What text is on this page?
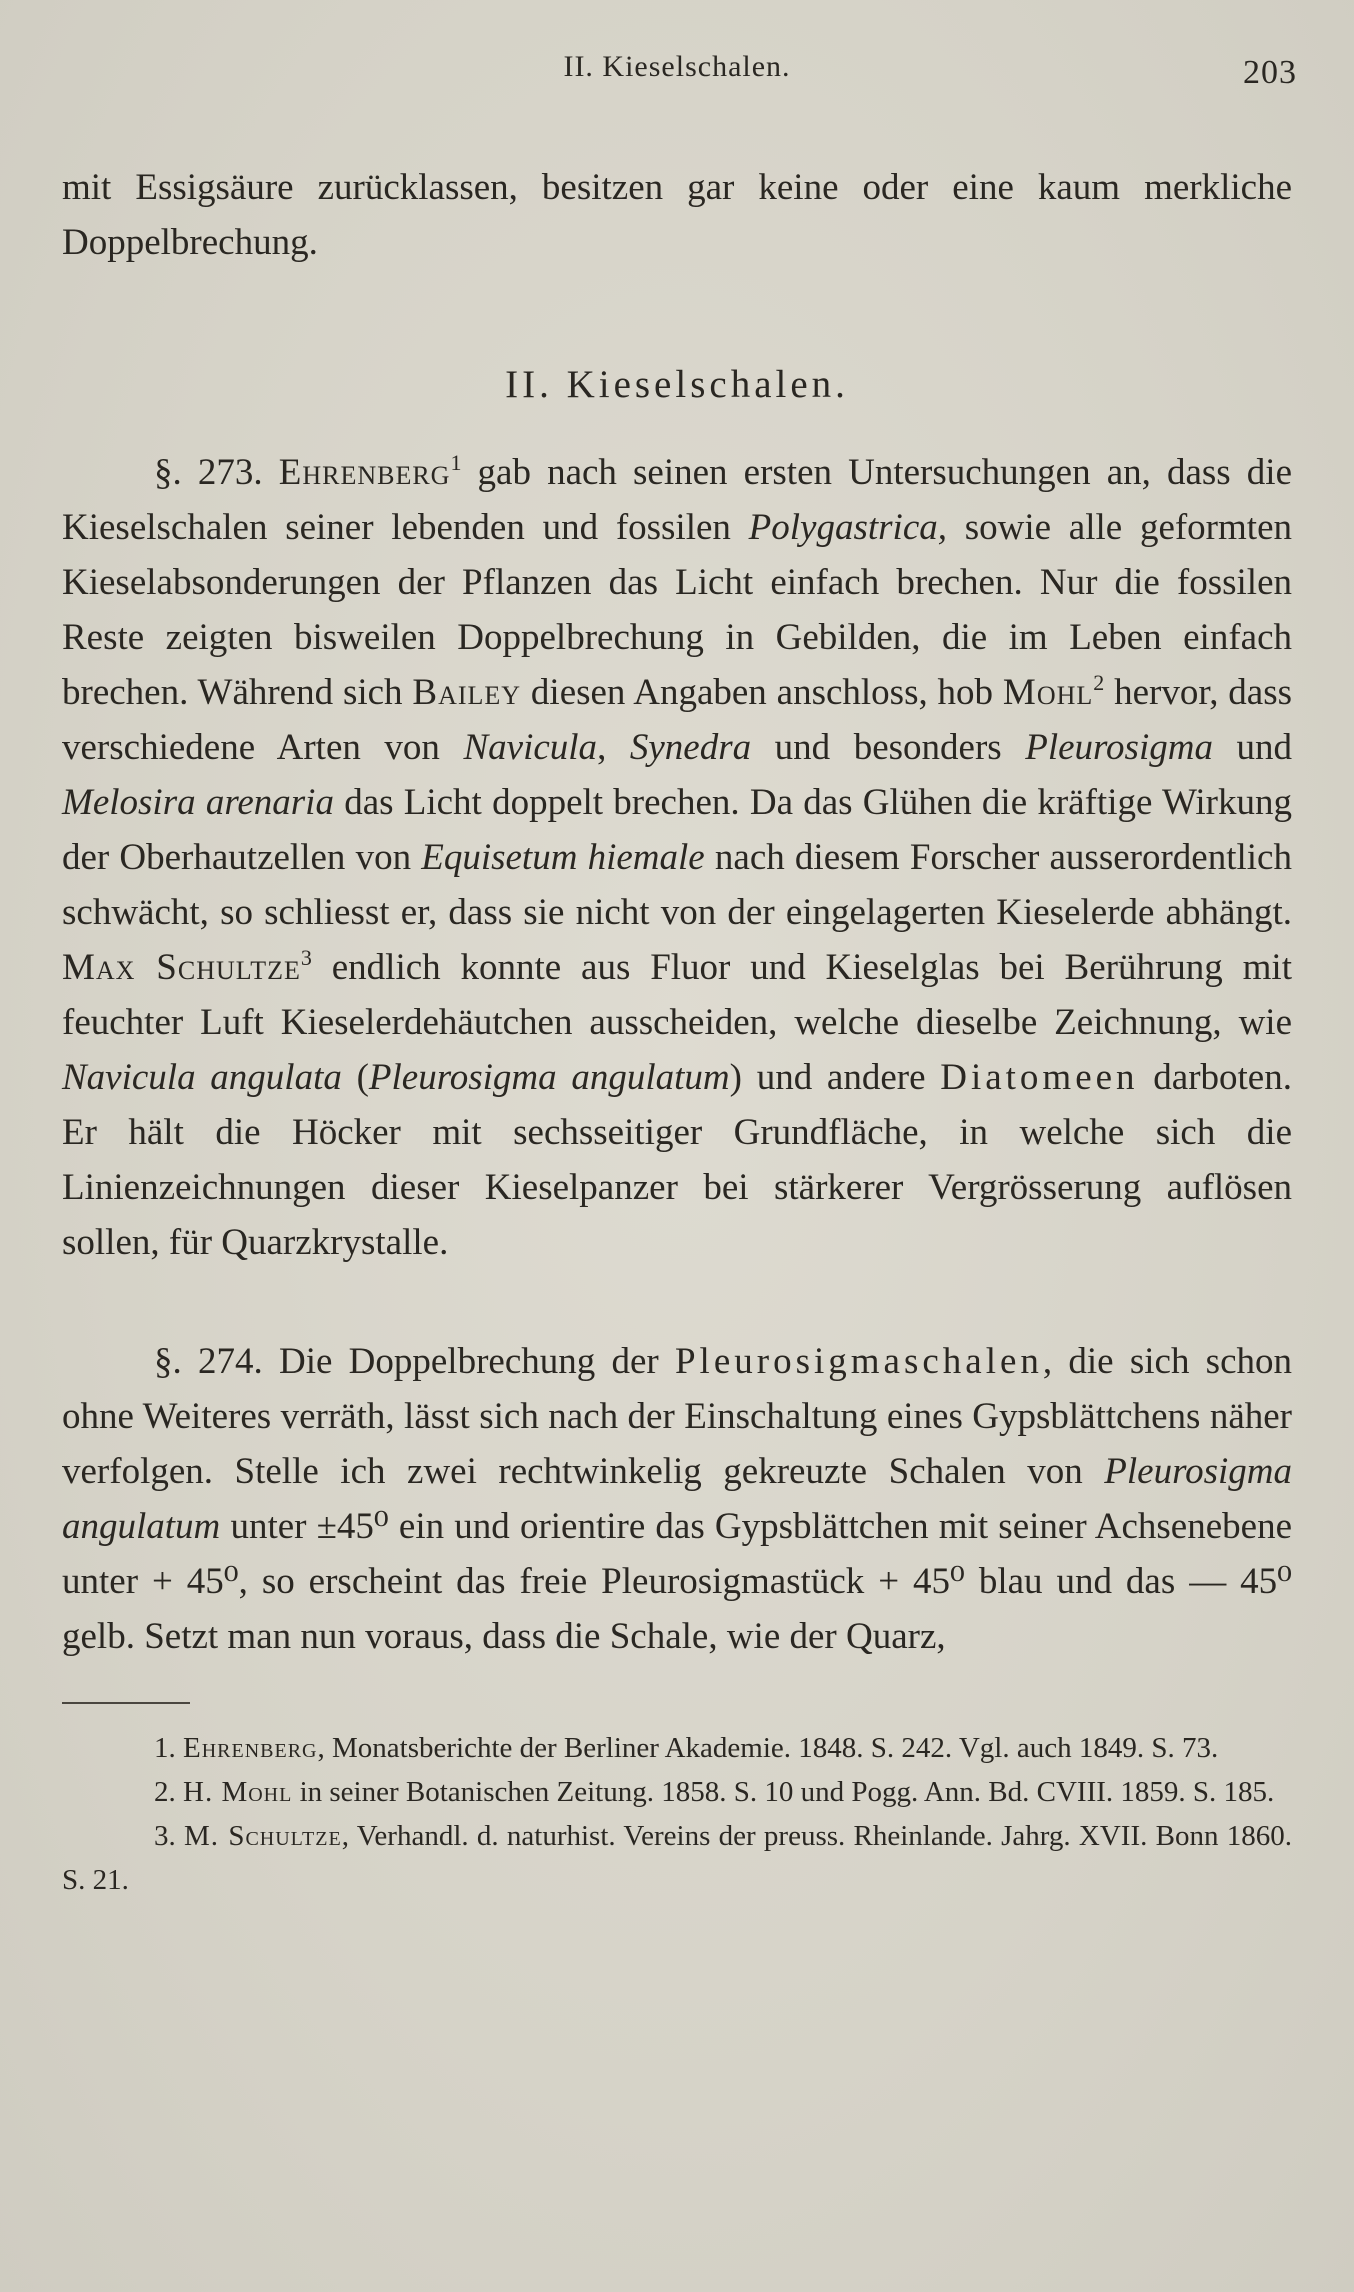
II. Kieselschalen.	203

mit Essigsäure zurücklassen, besitzen gar keine oder eine kaum merkliche Doppelbrechung.

II. Kieselschalen.

§. 273. Ehrenberg$^1$ gab nach seinen ersten Untersuchungen an, dass die Kieselschalen seiner lebenden und fossilen Polygastrica, sowie alle geformten Kieselabsonderungen der Pflanzen das Licht einfach brechen. Nur die fossilen Reste zeigten bisweilen Doppelbrechung in Gebilden, die im Leben einfach brechen. Während sich Bailey diesen Angaben anschloss, hob Mohl$^2$ hervor, dass verschiedene Arten von Navicula, Synedra und besonders Pleurosigma und Melosira arenaria das Licht doppelt brechen. Da das Glühen die kräftige Wirkung der Oberhautzellen von Equisetum hiemale nach diesem Forscher ausserordentlich schwächt, so schliesst er, dass sie nicht von der eingelagerten Kieselerde abhängt. Max Schultze$^3$ endlich konnte aus Fluor und Kieselglas bei Berührung mit feuchter Luft Kieselerdehäutchen ausscheiden, welche dieselbe Zeichnung, wie Navicula angulata (Pleurosigma angulatum) und andere Diatomeen darboten. Er hält die Höcker mit sechsseitiger Grundfläche, in welche sich die Linienzeichnungen dieser Kieselpanzer bei stärkerer Vergrösserung auflösen sollen, für Quarzkrystalle.

§. 274. Die Doppelbrechung der Pleurosigmaschalen, die sich schon ohne Weiteres verräth, lässt sich nach der Einschaltung eines Gypsblättchens näher verfolgen. Stelle ich zwei rechtwinkelig gekreuzte Schalen von Pleurosigma angulatum unter ±45⁰ ein und orientire das Gypsblättchen mit seiner Achsenebene unter + 45⁰, so erscheint das freie Pleurosigmastück + 45⁰ blau und das — 45⁰ gelb. Setzt man nun voraus, dass die Schale, wie der Quarz,

1. Ehrenberg, Monatsberichte der Berliner Akademie. 1848. S. 242. Vgl. auch 1849. S. 73.

2. H. Mohl in seiner Botanischen Zeitung. 1858. S. 10 und Pogg. Ann. Bd. CVIII. 1859. S. 185.

3. M. Schultze, Verhandl. d. naturhist. Vereins der preuss. Rheinlande. Jahrg. XVII. Bonn 1860. S. 21.
